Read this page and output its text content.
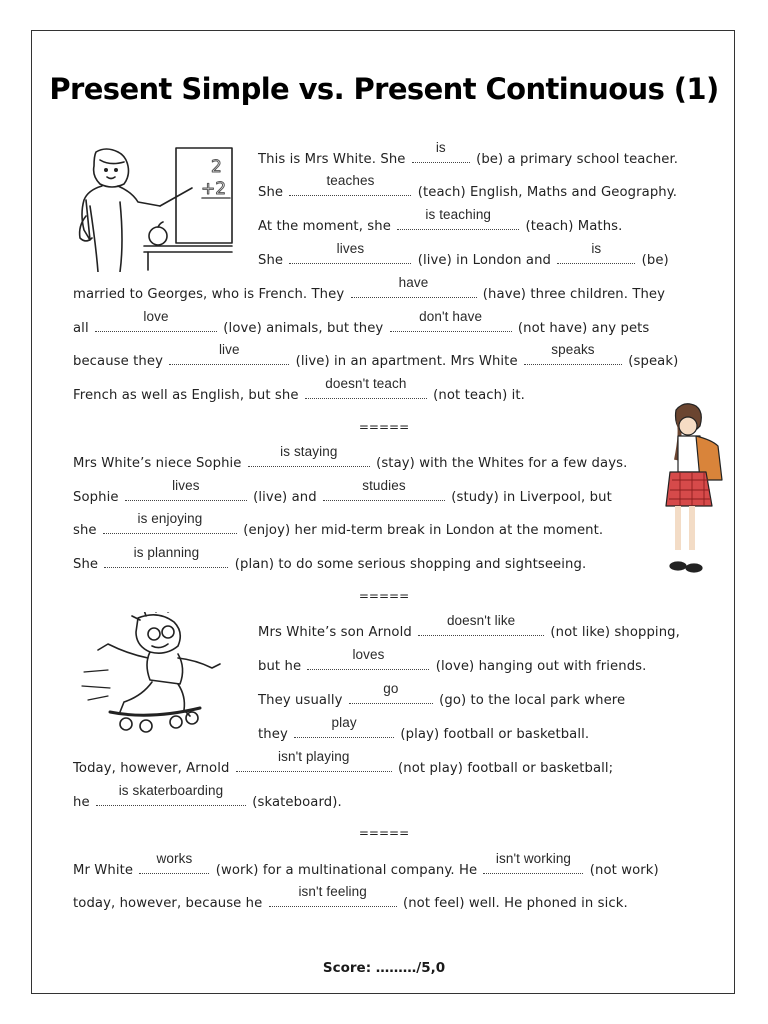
Present Simple vs. Present Continuous (1)
2
+2
This is Mrs White. She
is
(be) a primary school teacher.
She
teaches
(teach) English, Maths and Geography.
At the moment, she
is teaching
(teach) Maths.
She
lives
(live) in London and
is
(be)
married to Georges, who is French. They
have
(have) three children. They
all
love
(love) animals, but they
don't have
(not have) any pets
because they
live
(live) in an apartment. Mrs White
speaks
(speak)
French as well as English, but she
doesn't teach
(not teach) it.
=====
Mrs White’s niece Sophie
is staying
(stay) with the Whites for a few days.
Sophie
lives
(live) and
studies
(study) in Liverpool, but
she
is enjoying
(enjoy) her mid-term break in London at the moment.
She
is planning
(plan) to do some serious shopping and sightseeing.
=====
Mrs White’s son Arnold
doesn't like
(not like) shopping,
but he
loves
(love) hanging out with friends.
They usually
go
(go) to the local park where
they
play
(play) football or basketball.
Today, however, Arnold
isn't playing
(not play) football or basketball;
he
is skaterboarding
(skateboard).
=====
Mr White
works
(work) for a multinational company. He
isn't working
(not work)
today, however, because he
isn't feeling
(not feel) well. He phoned in sick.
Score: ………/5,0
